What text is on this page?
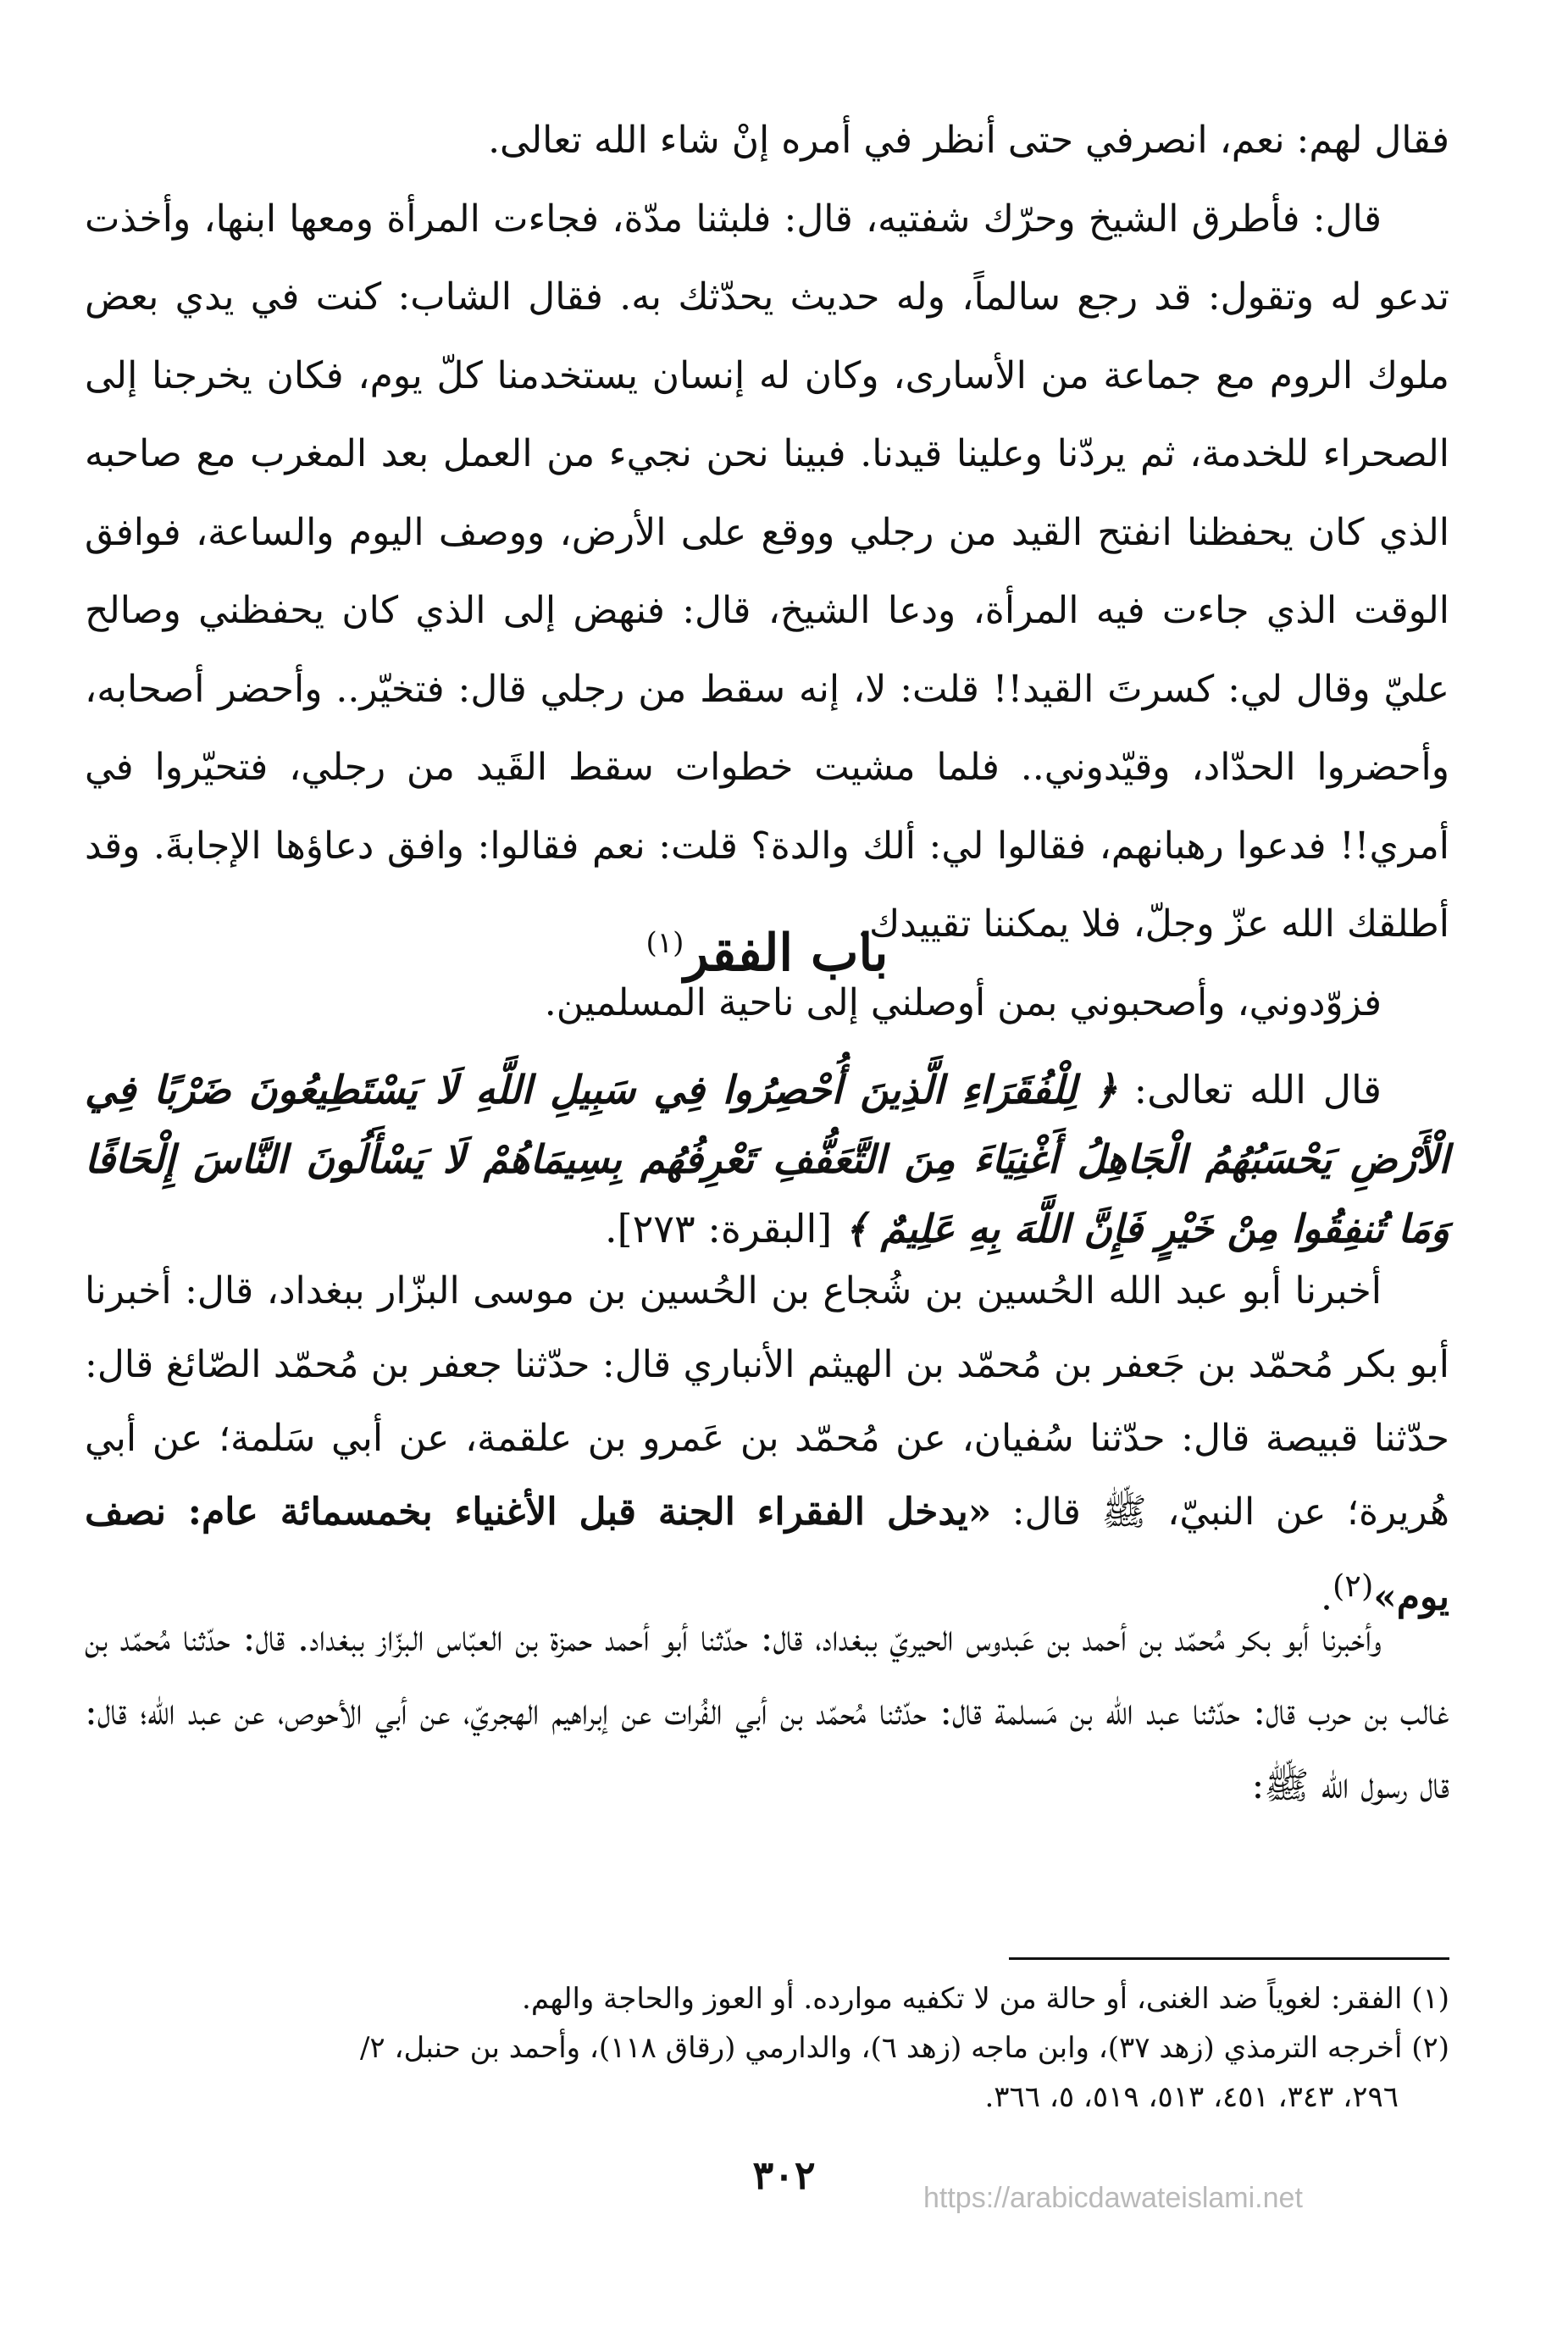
فقال لهم: نعم، انصرفي حتى أنظر في أمره إنْ شاء الله تعالى.

قال: فأطرق الشيخ وحرّك شفتيه، قال: فلبثنا مدّة، فجاءت المرأة ومعها ابنها، وأخذت تدعو له وتقول: قد رجع سالماً، وله حديث يحدّثك به. فقال الشاب: كنت في يدي بعض ملوك الروم مع جماعة من الأسارى، وكان له إنسان يستخدمنا كلّ يوم، فكان يخرجنا إلى الصحراء للخدمة، ثم يردّنا وعلينا قيدنا. فبينا نحن نجيء من العمل بعد المغرب مع صاحبه الذي كان يحفظنا انفتح القيد من رجلي ووقع على الأرض، ووصف اليوم والساعة، فوافق الوقت الذي جاءت فيه المرأة، ودعا الشيخ، قال: فنهض إلى الذي كان يحفظني وصالح عليّ وقال لي: كسرتَ القيد!! قلت: لا، إنه سقط من رجلي قال: فتخيّر.. وأحضر أصحابه، وأحضروا الحدّاد، وقيّدوني.. فلما مشيت خطوات سقط القَيد من رجلي، فتحيّروا في أمري!! فدعوا رهبانهم، فقالوا لي: ألك والدة؟ قلت: نعم فقالوا: وافق دعاؤها الإجابةَ. وقد أطلقك الله عزّ وجلّ، فلا يمكننا تقييدك.

فزوّدوني، وأصحبوني بمن أوصلني إلى ناحية المسلمين.

باب الفقر$^{(١)}$

قال الله تعالى: ﴿ لِلْفُقَرَاءِ الَّذِينَ أُحْصِرُوا فِي سَبِيلِ اللَّهِ لَا يَسْتَطِيعُونَ ضَرْبًا فِي الْأَرْضِ يَحْسَبُهُمُ الْجَاهِلُ أَغْنِيَاءَ مِنَ التَّعَفُّفِ تَعْرِفُهُم بِسِيمَاهُمْ لَا يَسْأَلُونَ النَّاسَ إِلْحَافًا وَمَا تُنفِقُوا مِنْ خَيْرٍ فَإِنَّ اللَّهَ بِهِ عَلِيمٌ ﴾ [البقرة: ٢٧٣].

أخبرنا أبو عبد الله الحُسين بن شُجاع بن الحُسين بن موسى البزّار ببغداد، قال: أخبرنا أبو بكر مُحمّد بن جَعفر بن مُحمّد بن الهيثم الأنباري قال: حدّثنا جعفر بن مُحمّد الصّائغ قال: حدّثنا قبيصة قال: حدّثنا سُفيان، عن مُحمّد بن عَمرو بن علقمة، عن أبي سَلمة؛ عن أبي هُريرة؛ عن النبيّ، ﷺ قال: «يدخل الفقراء الجنة قبل الأغنياء بخمسمائة عام: نصف يوم»$^{(٢)}$.

وأخبرنا أبو بكر مُحمّد بن أحمد بن عَبدوس الحيريّ ببغداد، قال: حدّثنا أبو أحمد حمزة بن العبّاس البزّاز ببغداد. قال: حدّثنا مُحمّد بن غالب بن حرب قال: حدّثنا عبد الله بن مَسلمة قال: حدّثنا مُحمّد بن أبي الفُرات عن إبراهيم الهجريّ، عن أبي الأحوص، عن عبد الله؛ قال: قال رسول الله ﷺ:

(١) الفقر: لغوياً ضد الغنى، أو حالة من لا تكفيه موارده. أو العوز والحاجة والهم.

(٢) أخرجه الترمذي (زهد ٣٧)، وابن ماجه (زهد ٦)، والدارمي (رقاق ١١٨)، وأحمد بن حنبل، ٢/

٢٩٦، ٣٤٣، ٤٥١، ٥١٣، ٥١٩، ٥، ٣٦٦.

٣٠٢	https://arabicdawateislami.net
